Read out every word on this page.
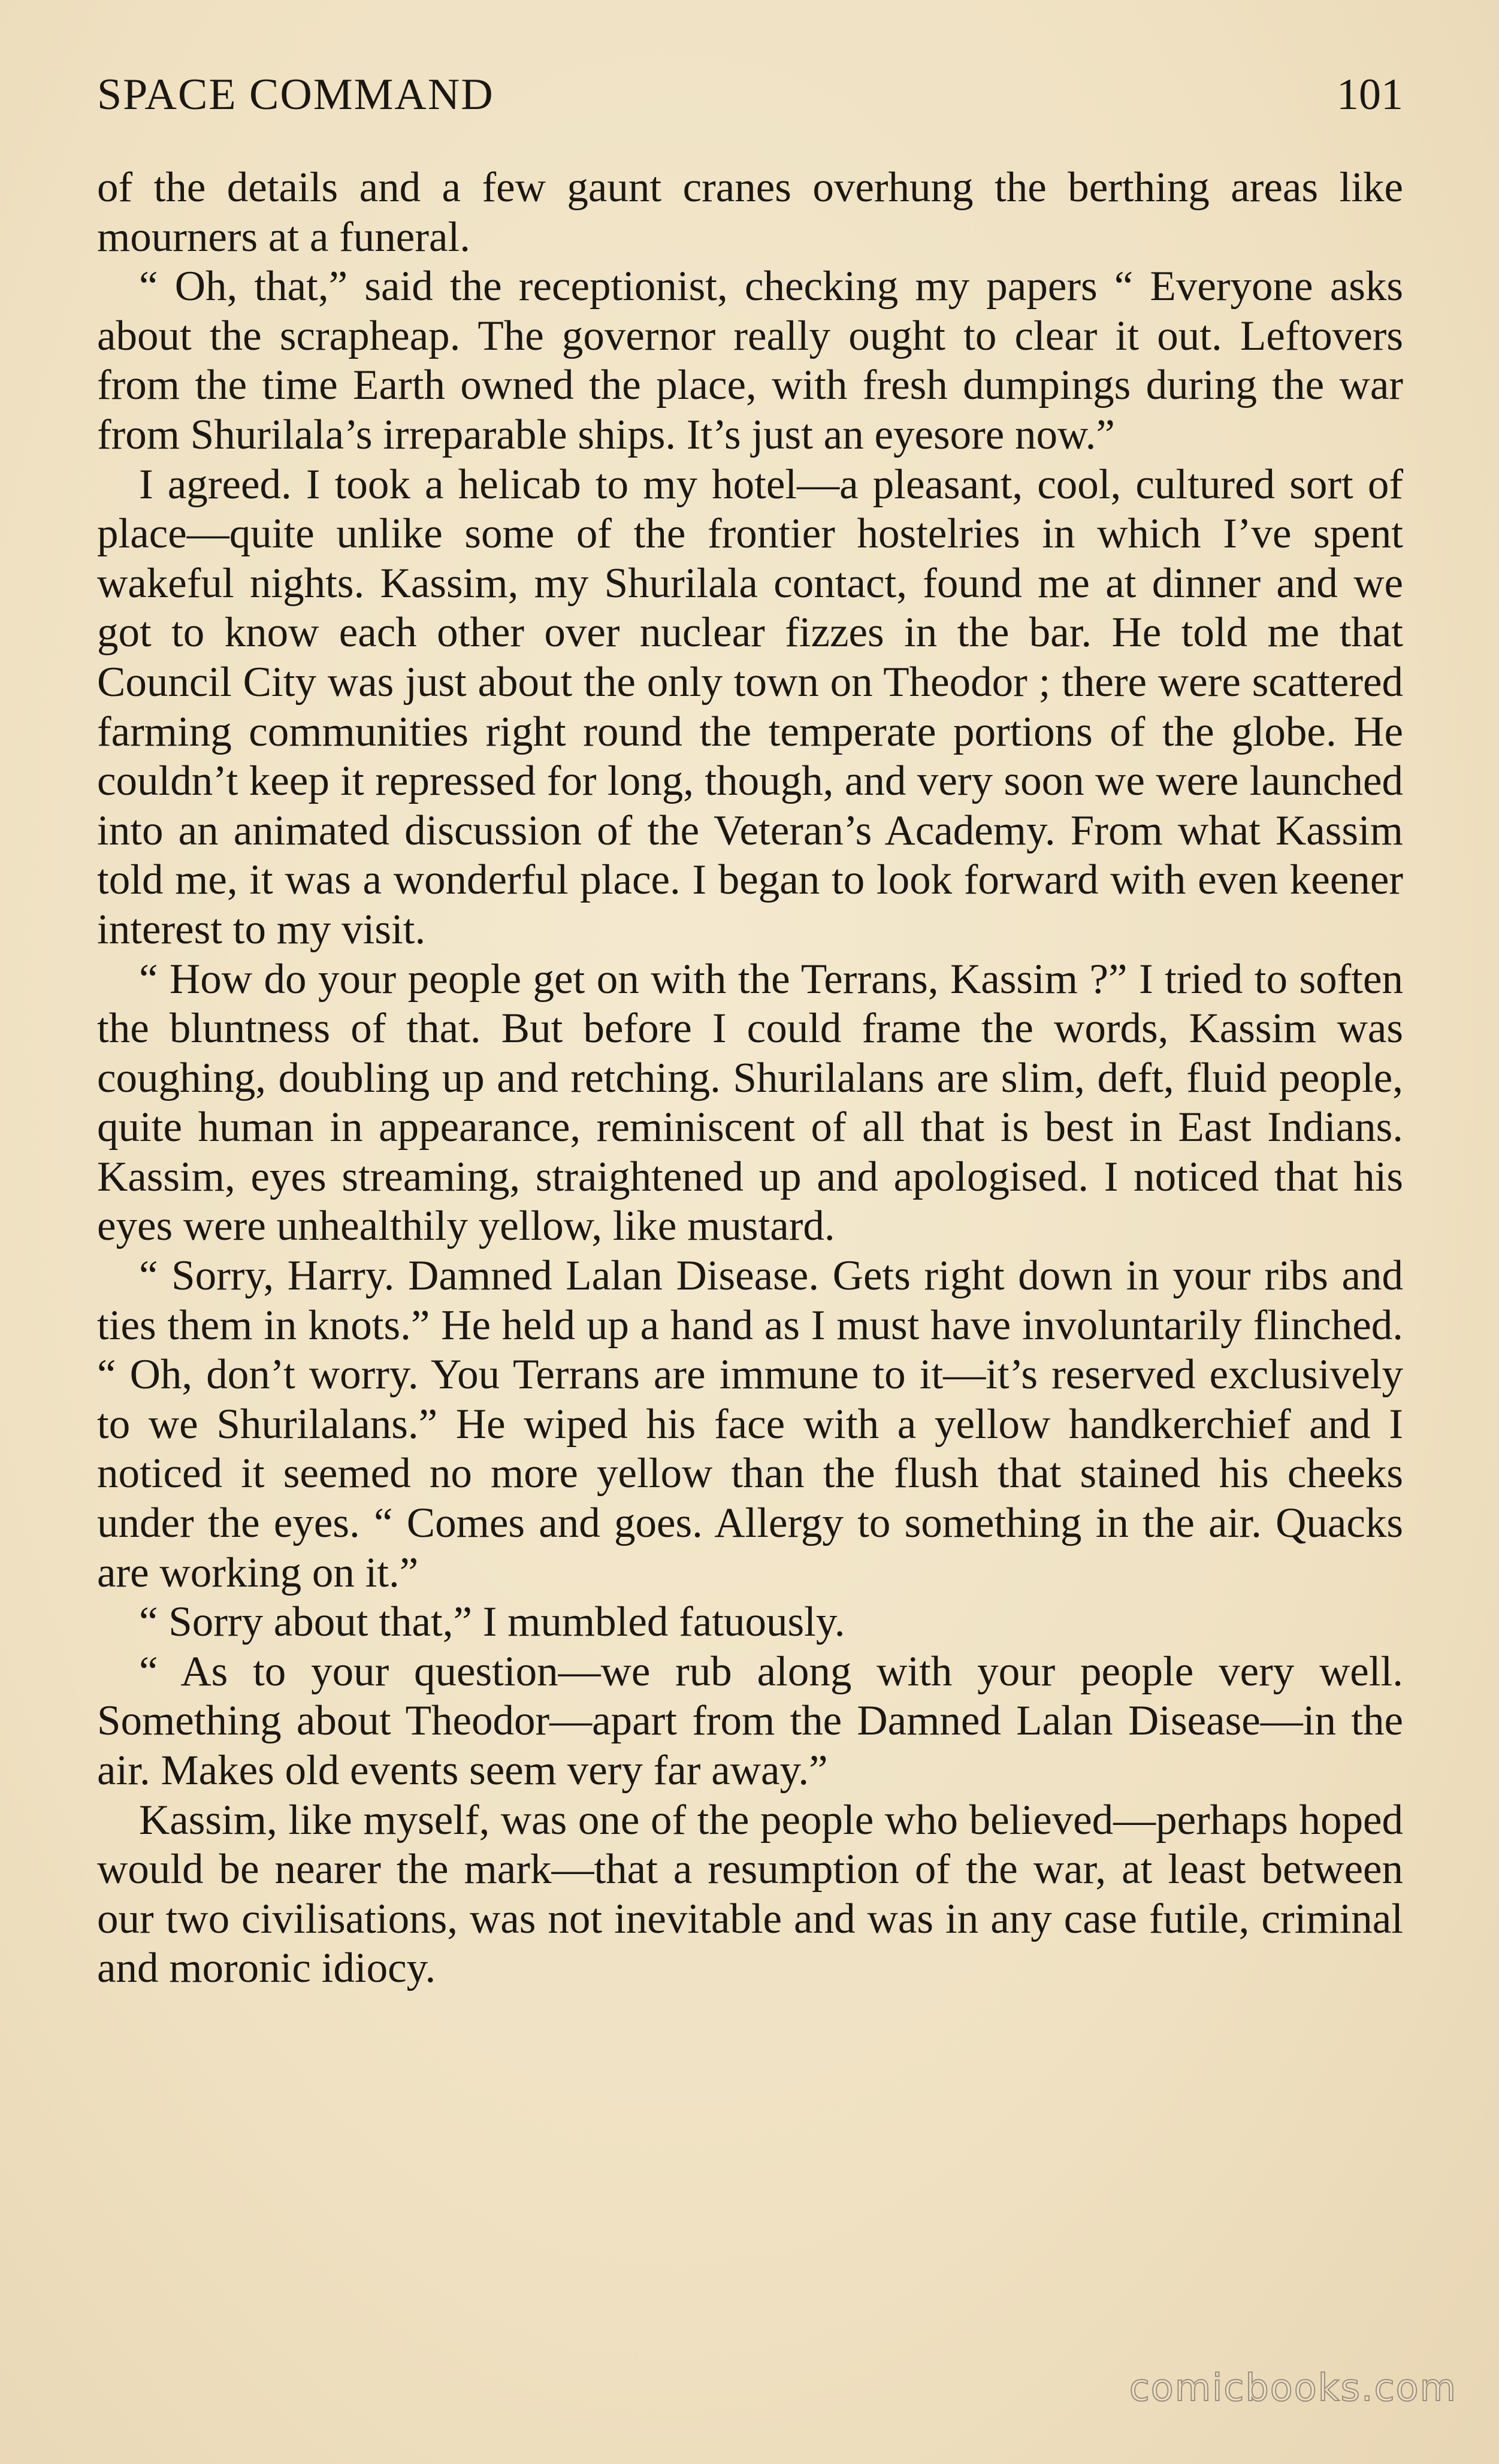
SPACE COMMAND	101

of the details and a few gaunt cranes overhung the berthing areas like mourners at a funeral.

“ Oh, that,” said the receptionist, checking my papers “ Everyone asks about the scrapheap. The governor really ought to clear it out. Leftovers from the time Earth owned the place, with fresh dumpings during the war from Shurilala’s irreparable ships. It’s just an eyesore now.”

I agreed. I took a helicab to my hotel—a pleasant, cool, cultured sort of place—quite unlike some of the frontier hostelries in which I’ve spent wakeful nights. Kassim, my Shurilala contact, found me at dinner and we got to know each other over nuclear fizzes in the bar. He told me that Council City was just about the only town on Theodor ; there were scattered farming communities right round the temperate portions of the globe. He couldn’t keep it repressed for long, though, and very soon we were launched into an animated discussion of the Veteran’s Academy. From what Kassim told me, it was a wonderful place. I began to look forward with even keener interest to my visit.

“ How do your people get on with the Terrans, Kassim ?” I tried to soften the bluntness of that. But before I could frame the words, Kassim was coughing, doubling up and retching. Shurilalans are slim, deft, fluid people, quite human in appearance, reminiscent of all that is best in East Indians. Kassim, eyes streaming, straightened up and apologised. I noticed that his eyes were unhealthily yellow, like mustard.

“ Sorry, Harry. Damned Lalan Disease. Gets right down in your ribs and ties them in knots.” He held up a hand as I must have involuntarily flinched. “ Oh, don’t worry. You Terrans are immune to it—it’s reserved exclusively to we Shurilalans.” He wiped his face with a yellow handkerchief and I noticed it seemed no more yellow than the flush that stained his cheeks under the eyes. “ Comes and goes. Allergy to something in the air. Quacks are working on it.”

“ Sorry about that,” I mumbled fatuously.

“ As to your question—we rub along with your people very well. Something about Theodor—apart from the Damned Lalan Disease—in the air. Makes old events seem very far away.”

Kassim, like myself, was one of the people who believed—perhaps hoped would be nearer the mark—that a resumption of the war, at least between our two civilisations, was not inevitable and was in any case futile, criminal and moronic idiocy.

comicbooks.com
